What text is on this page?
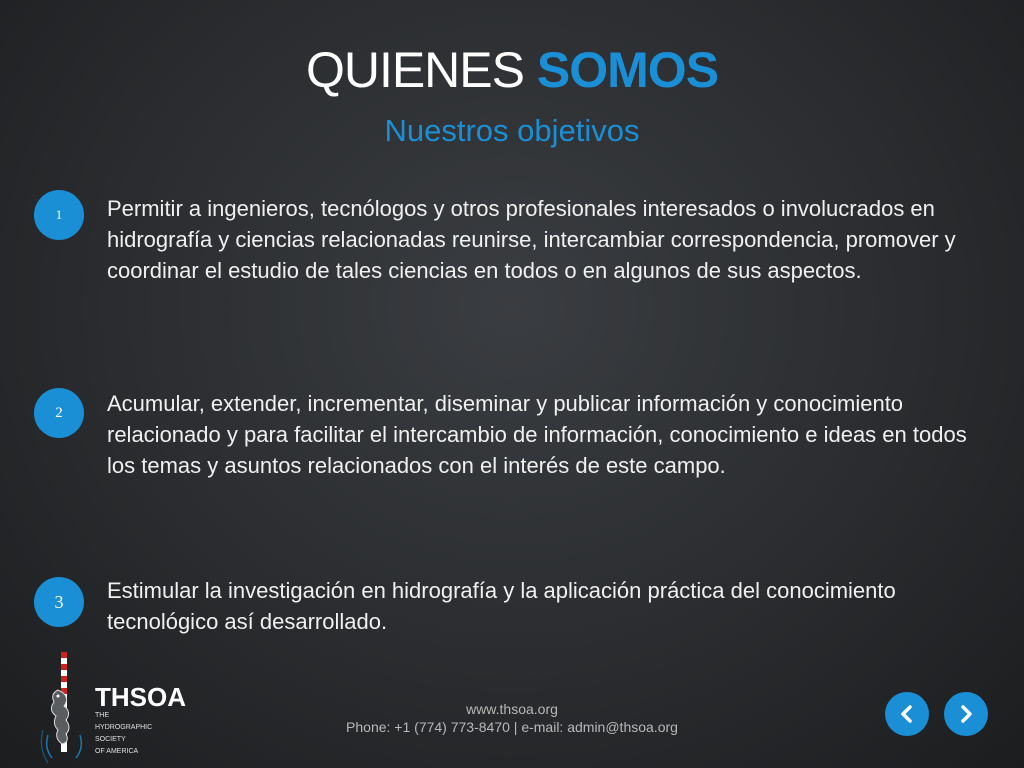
QUIENES SOMOS
Nuestros objetivos
1	Permitir a ingenieros, tecnólogos y otros profesionales interesados o involucrados en hidrografía y ciencias relacionadas reunirse, intercambiar correspondencia, promover y coordinar el estudio de tales ciencias en todos o en algunos de sus aspectos.
2	Acumular, extender, incrementar, diseminar y publicar información y conocimiento relacionado y para facilitar el intercambio de información, conocimiento e ideas en todos los temas y asuntos relacionados con el interés de este campo.
3	Estimular la investigación en hidrografía y la aplicación práctica del conocimiento tecnológico así desarrollado.
THSOA
THE
HYDROGRAPHIC
SOCIETY
OF AMERICA
www.thsoa.org
Phone: +1 (774) 773-8470 | e-mail: admin@thsoa.org
